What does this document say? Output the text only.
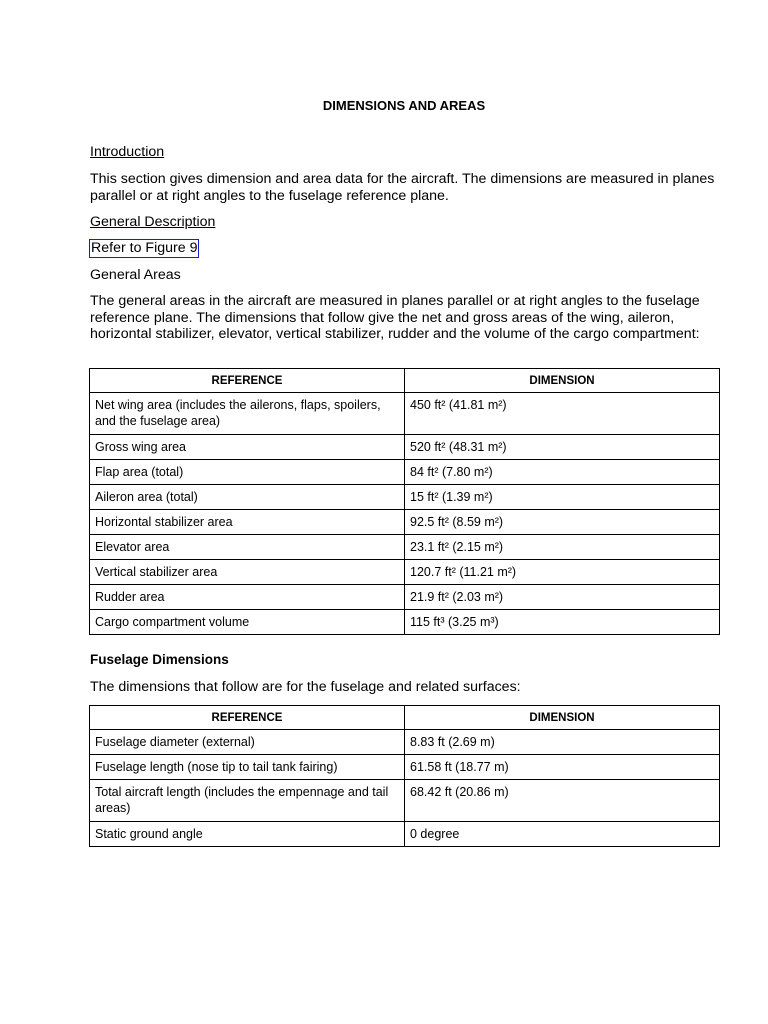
DIMENSIONS AND AREAS
Introduction
This section gives dimension and area data for the aircraft. The dimensions are measured in planes parallel or at right angles to the fuselage reference plane.
General Description
Refer to Figure 9
General Areas
The general areas in the aircraft are measured in planes parallel or at right angles to the fuselage reference plane. The dimensions that follow give the net and gross areas of the wing, aileron, horizontal stabilizer, elevator, vertical stabilizer, rudder and the volume of the cargo compartment:
REFERENCE	DIMENSION
Net wing area (includes the ailerons, flaps, spoilers, and the fuselage area)	450 ft² (41.81 m²)
Gross wing area	520 ft² (48.31 m²)
Flap area (total)	84 ft² (7.80 m²)
Aileron area (total)	15 ft² (1.39 m²)
Horizontal stabilizer area	92.5 ft² (8.59 m²)
Elevator area	23.1 ft² (2.15 m²)
Vertical stabilizer area	120.7 ft² (11.21 m²)
Rudder area	21.9 ft² (2.03 m²)
Cargo compartment volume	115 ft³ (3.25 m³)
Fuselage Dimensions
The dimensions that follow are for the fuselage and related surfaces:
REFERENCE	DIMENSION
Fuselage diameter (external)	8.83 ft (2.69 m)
Fuselage length (nose tip to tail tank fairing)	61.58 ft (18.77 m)
Total aircraft length (includes the empennage and tail areas)	68.42 ft (20.86 m)
Static ground angle	0 degree
